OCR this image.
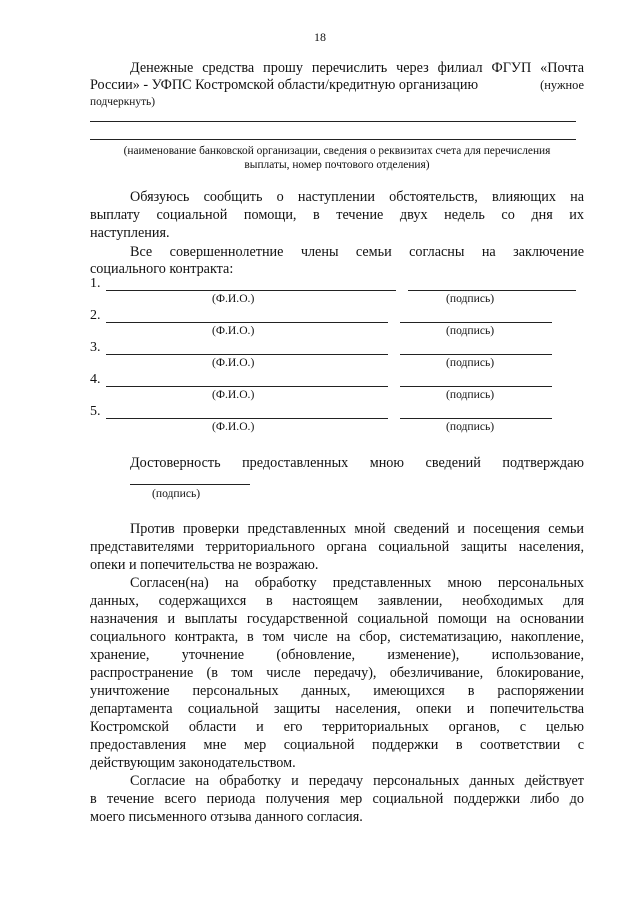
18
Денежные средства прошу перечислить через филиал ФГУП «Почта
России» - УФПС Костромской области/кредитную организацию	(нужное
подчеркнуть)
(наименование банковской организации, сведения о реквизитах счета для перечисления
выплаты, номер почтового отделения)
Обязуюсь сообщить о наступлении обстоятельств, влияющих на
выплату социальной помощи, в течение двух недель со дня их
наступления.
Все совершеннолетние члены семьи согласны на заключение
социального контракта:
1.
(Ф.И.О.)	(подпись)
2.
(Ф.И.О.)	(подпись)
3.
(Ф.И.О.)	(подпись)
4.
(Ф.И.О.)	(подпись)
5.
(Ф.И.О.)	(подпись)
Достоверность предоставленных мною сведений подтверждаю
(подпись)
Против проверки представленных мной сведений и посещения семьи
представителями территориального органа социальной защиты населения,
опеки и попечительства не возражаю.
Согласен(на) на обработку представленных мною персональных
данных, содержащихся в настоящем заявлении, необходимых для
назначения и выплаты государственной социальной помощи на основании
социального контракта, в том числе на сбор, систематизацию, накопление,
хранение, уточнение (обновление, изменение), использование,
распространение (в том числе передачу), обезличивание, блокирование,
уничтожение персональных данных, имеющихся в распоряжении
департамента социальной защиты населения, опеки и попечительства
Костромской области и его территориальных органов, с целью
предоставления мне мер социальной поддержки в соответствии с
действующим законодательством.
Согласие на обработку и передачу персональных данных действует
в течение всего периода получения мер социальной поддержки либо до
моего письменного отзыва данного согласия.
